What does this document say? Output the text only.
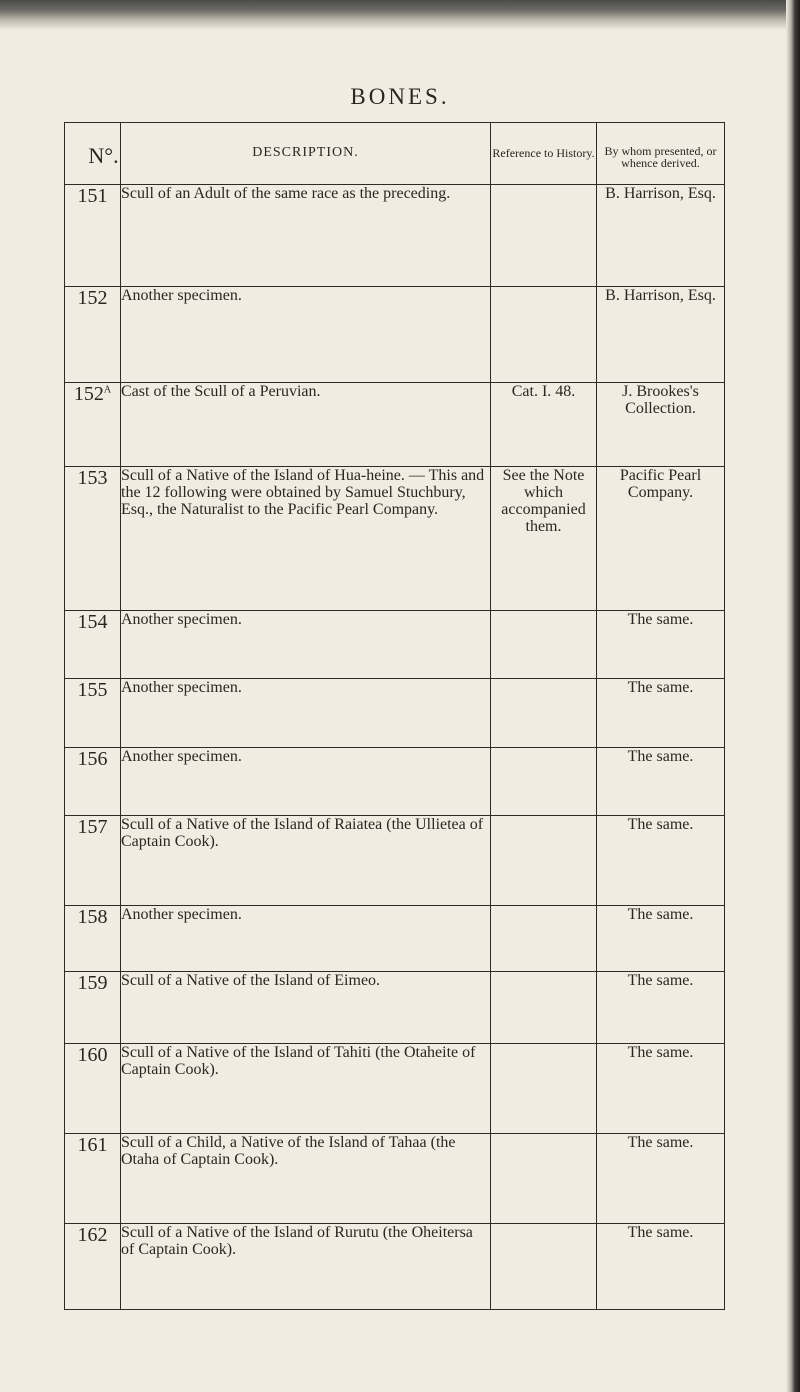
BONES.
N°.	DESCRIPTION.	Reference to History.	By whom presented, or whence derived.
151	Scull of an Adult of the same race as the preceding.		B. Harrison, Esq.
152	Another specimen.		B. Harrison, Esq.
$152^A$	Cast of the Scull of a Peruvian.	Cat. I. 48.	J. Brookes's Collection.
153	Scull of a Native of the Island of Hua-heine. — This and the 12 following were obtained by Samuel Stuchbury, Esq., the Naturalist to the Pacific Pearl Company.	See the Note which accompanied them.	Pacific Pearl Company.
154	Another specimen.		The same.
155	Another specimen.		The same.
156	Another specimen.		The same.
157	Scull of a Native of the Island of Raiatea (the Ullietea of Captain Cook).		The same.
158	Another specimen.		The same.
159	Scull of a Native of the Island of Eimeo.		The same.
160	Scull of a Native of the Island of Tahiti (the Otaheite of Captain Cook).		The same.
161	Scull of a Child, a Native of the Island of Tahaa (the Otaha of Captain Cook).		The same.
162	Scull of a Native of the Island of Rurutu (the Oheitersa of Captain Cook).		The same.
